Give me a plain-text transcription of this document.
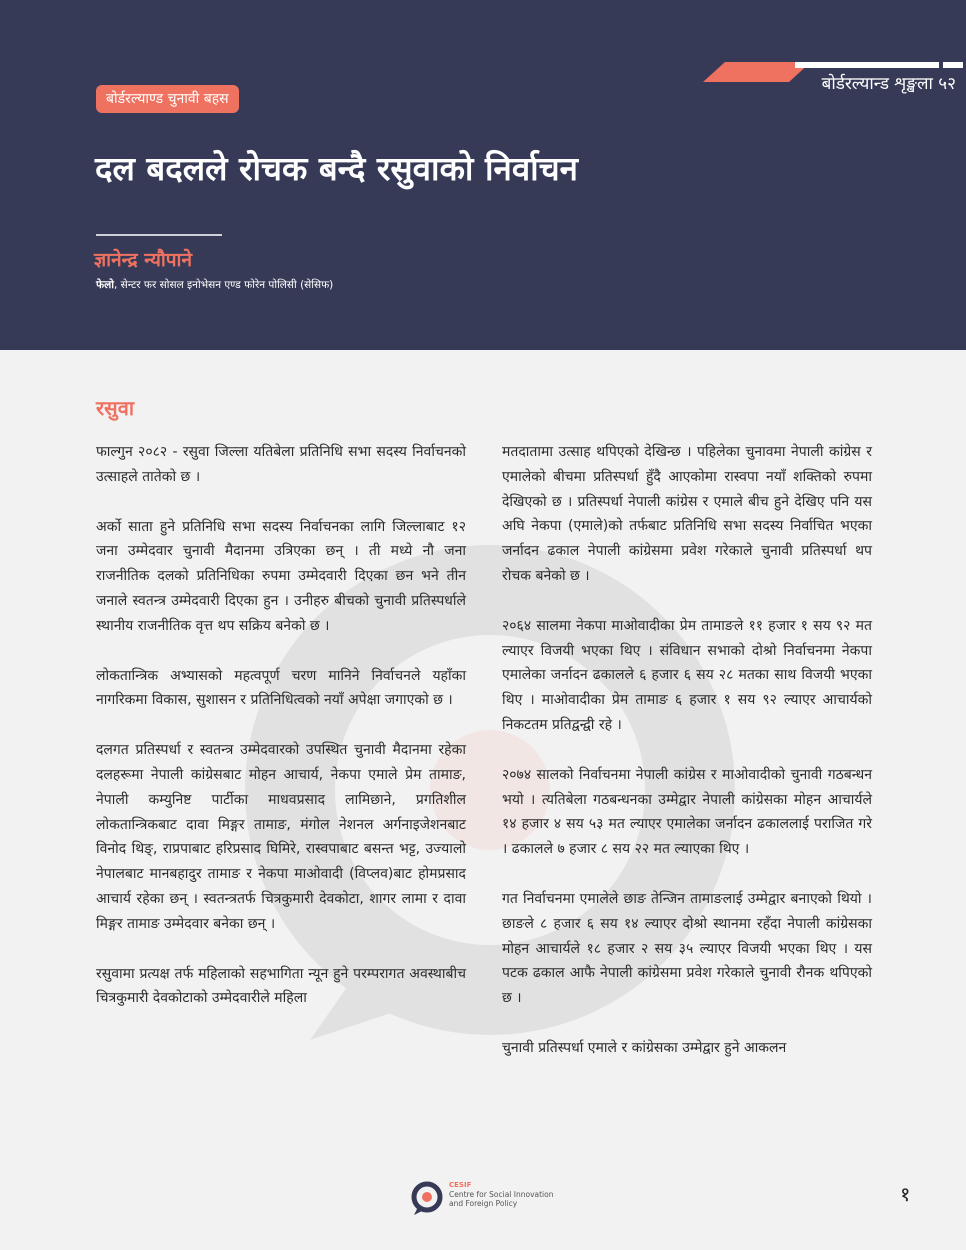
बोर्डरल्यान्ड शृङ्खला ५२
बोर्डरल्याण्ड चुनावी बहस
दल बदलले रोचक बन्दै रसुवाको निर्वाचन
ज्ञानेन्द्र न्यौपाने
फेलो, सेन्टर फर सोसल इनोभेसन एण्ड फोरेन पोलिसी (सेसिफ)
रसुवा

फाल्गुन २०८२ - रसुवा जिल्ला यतिबेला प्रतिनिधि सभा सदस्य निर्वाचनको उत्साहले तातेको छ ।

अर्को साता हुने प्रतिनिधि सभा सदस्य निर्वाचनका लागि जिल्लाबाट १२ जना उम्मेदवार चुनावी मैदानमा उत्रिएका छन् । ती मध्ये नौ जना राजनीतिक दलको प्रतिनिधिका रुपमा उम्मेदवारी दिएका छन भने तीन जनाले स्वतन्त्र उम्मेदवारी दिएका हुन । उनीहरु बीचको चुनावी प्रतिस्पर्धाले स्थानीय राजनीतिक वृत्त थप सक्रिय बनेको छ ।

लोकतान्त्रिक अभ्यासको महत्वपूर्ण चरण मानिने निर्वाचनले यहाँका नागरिकमा विकास, सुशासन र प्रतिनिधित्वको नयाँ अपेक्षा जगाएको छ ।

दलगत प्रतिस्पर्धा र स्वतन्त्र उम्मेदवारको उपस्थित चुनावी मैदानमा रहेका दलहरूमा नेपाली कांग्रेसबाट मोहन आचार्य, नेकपा एमाले प्रेम तामाङ, नेपाली कम्युनिष्ट पार्टीका माधवप्रसाद लामिछाने, प्रगतिशील लोकतान्त्रिकबाट दावा मिङ्गर तामाङ, मंगोल नेशनल अर्गनाइजेशनबाट विनोद थिङ्, राप्रपाबाट हरिप्रसाद घिमिरे, रास्वपाबाट बसन्त भट्ट, उज्यालो नेपालबाट मानबहादुर तामाङ र नेकपा माओवादी (विप्लव)बाट होमप्रसाद आचार्य रहेका छन् । स्वतन्त्रतर्फ चित्रकुमारी देवकोटा, शागर लामा र दावा मिङ्गर तामाङ उम्मेदवार बनेका छन् ।

रसुवामा प्रत्यक्ष तर्फ महिलाको सहभागिता न्यून हुने परम्परागत अवस्थाबीच चित्रकुमारी देवकोटाको उम्मेदवारीले महिला

मतदातामा उत्साह थपिएको देखिन्छ । पहिलेका चुनावमा नेपाली कांग्रेस र एमालेको बीचमा प्रतिस्पर्धा हुँदै आएकोमा रास्वपा नयाँ शक्तिको रुपमा देखिएको छ । प्रतिस्पर्धा नेपाली कांग्रेस र एमाले बीच हुने देखिए पनि यस अघि नेकपा (एमाले)को तर्फबाट प्रतिनिधि सभा सदस्य निर्वाचित भएका जर्नादन ढकाल नेपाली कांग्रेसमा प्रवेश गरेकाले चुनावी प्रतिस्पर्धा थप रोचक बनेको छ ।

२०६४ सालमा नेकपा माओवादीका प्रेम तामाङले ११ हजार १ सय ९२ मत ल्याएर विजयी भएका थिए । संविधान सभाको दोश्रो निर्वाचनमा नेकपा एमालेका जर्नादन ढकालले ६ हजार ६ सय २८ मतका साथ विजयी भएका थिए । माओवादीका प्रेम तामाङ ६ हजार १ सय ९२ ल्याएर आचार्यको निकटतम प्रतिद्वन्द्वी रहे ।

२०७४ सालको निर्वाचनमा नेपाली कांग्रेस र माओवादीको चुनावी गठबन्धन भयो । त्यतिबेला गठबन्धनका उम्मेद्वार नेपाली कांग्रेसका मोहन आचार्यले १४ हजार ४ सय ५३ मत ल्याएर एमालेका जर्नादन ढकाललाई पराजित गरे । ढकालले ७ हजार ८ सय २२ मत ल्याएका थिए ।

गत निर्वाचनमा एमालेले छाङ तेन्जिन तामाङलाई उम्मेद्वार बनाएको थियो । छाङले ८ हजार ६ सय १४ ल्याएर दोश्रो स्थानमा रहँदा नेपाली कांग्रेसका मोहन आचार्यले १८ हजार २ सय ३५ ल्याएर विजयी भएका थिए । यस पटक ढकाल आफै नेपाली कांग्रेसमा प्रवेश गरेकाले चुनावी रौनक थपिएको छ ।

चुनावी प्रतिस्पर्धा एमाले र कांग्रेसका उम्मेद्वार हुने आकलन

CESIF
Centre for Social Innovation
and Foreign Policy	१
